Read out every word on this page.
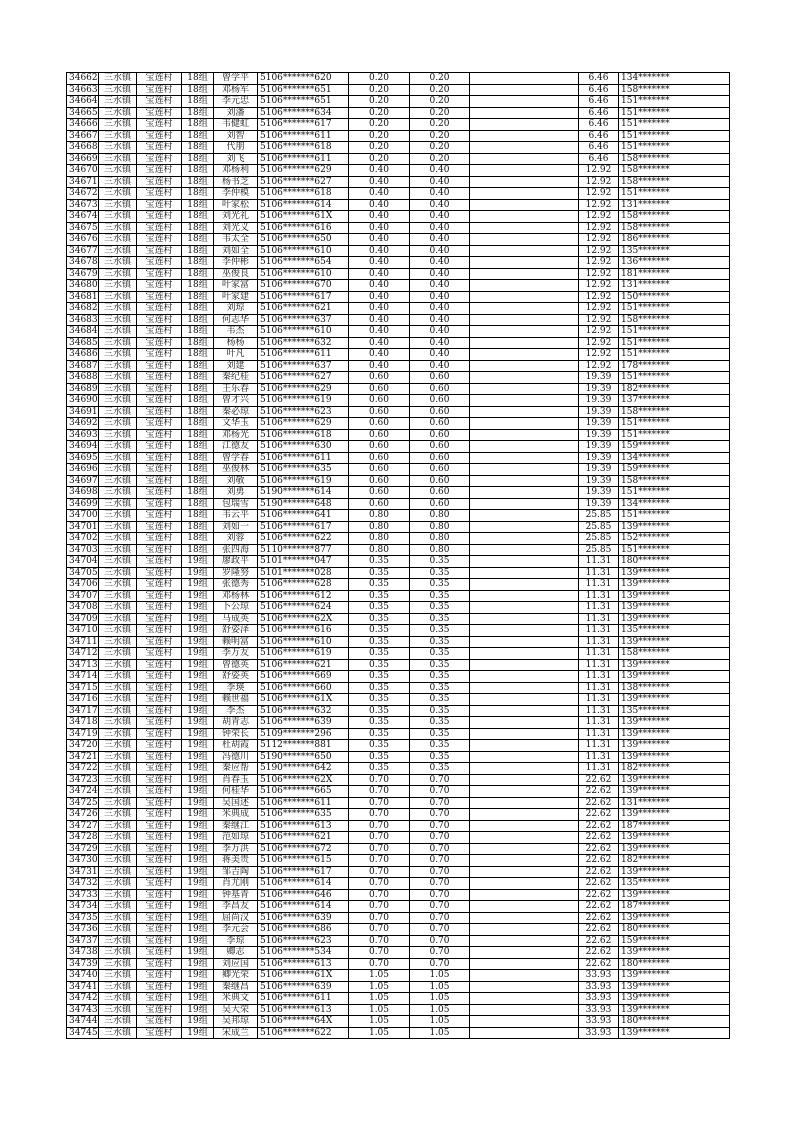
34662	三水镇	宝莲村	18组	曾学平	5106*******620	0.20	0.20		6.46	134*******
34663	三水镇	宝莲村	18组	邓杨军	5106*******651	0.20	0.20		6.46	158*******
34664	三水镇	宝莲村	18组	李元忠	5106*******651	0.20	0.20		6.46	151*******
34665	三水镇	宝莲村	18组	刘潘	5106*******634	0.20	0.20		6.46	151*******
34666	三水镇	宝莲村	18组	韦健虹	5106*******617	0.20	0.20		6.46	151*******
34667	三水镇	宝莲村	18组	刘智	5106*******611	0.20	0.20		6.46	151*******
34668	三水镇	宝莲村	18组	代朋	5106*******618	0.20	0.20		6.46	151*******
34669	三水镇	宝莲村	18组	刘飞	5106*******611	0.20	0.20		6.46	158*******
34670	三水镇	宝莲村	18组	邓杨利	5106*******629	0.40	0.40		12.92	158*******
34671	三水镇	宝莲村	18组	杨书芝	5106*******627	0.40	0.40		12.92	158*******
34672	三水镇	宝莲村	18组	李仲模	5106*******618	0.40	0.40		12.92	151*******
34673	三水镇	宝莲村	18组	叶家松	5106*******614	0.40	0.40		12.92	131*******
34674	三水镇	宝莲村	18组	刘光礼	5106*******61X	0.40	0.40		12.92	158*******
34675	三水镇	宝莲村	18组	刘光义	5106*******616	0.40	0.40		12.92	158*******
34676	三水镇	宝莲村	18组	韦太全	5106*******650	0.40	0.40		12.92	186*******
34677	三水镇	宝莲村	18组	刘如全	5106*******610	0.40	0.40		12.92	135*******
34678	三水镇	宝莲村	18组	李仲彬	5106*******654	0.40	0.40		12.92	136*******
34679	三水镇	宝莲村	18组	巫俊良	5106*******610	0.40	0.40		12.92	181*******
34680	三水镇	宝莲村	18组	叶家富	5106*******670	0.40	0.40		12.92	131*******
34681	三水镇	宝莲村	18组	叶家建	5106*******617	0.40	0.40		12.92	150*******
34682	三水镇	宝莲村	18组	刘琼	5106*******621	0.40	0.40		12.92	151*******
34683	三水镇	宝莲村	18组	何志华	5106*******637	0.40	0.40		12.92	158*******
34684	三水镇	宝莲村	18组	韦杰	5106*******610	0.40	0.40		12.92	151*******
34685	三水镇	宝莲村	18组	杨杨	5106*******632	0.40	0.40		12.92	151*******
34686	三水镇	宝莲村	18组	叶凡	5106*******611	0.40	0.40		12.92	151*******
34687	三水镇	宝莲村	18组	刘建	5106*******637	0.40	0.40		12.92	178*******
34688	三水镇	宝莲村	18组	秦纪桂	5106*******627	0.60	0.60		19.39	151*******
34689	三水镇	宝莲村	18组	王乐春	5106*******629	0.60	0.60		19.39	182*******
34690	三水镇	宝莲村	18组	曾才兴	5106*******619	0.60	0.60		19.39	137*******
34691	三水镇	宝莲村	18组	秦必琼	5106*******623	0.60	0.60		19.39	158*******
34692	三水镇	宝莲村	18组	文华玉	5106*******629	0.60	0.60		19.39	151*******
34693	三水镇	宝莲村	18组	邓杨光	5106*******618	0.60	0.60		19.39	151*******
34694	三水镇	宝莲村	18组	江德友	5106*******630	0.60	0.60		19.39	159*******
34695	三水镇	宝莲村	18组	曾学春	5106*******611	0.60	0.60		19.39	134*******
34696	三水镇	宝莲村	18组	巫俊林	5106*******635	0.60	0.60		19.39	159*******
34697	三水镇	宝莲村	18组	刘敬	5106*******619	0.60	0.60		19.39	158*******
34698	三水镇	宝莲村	18组	刘勇	5190*******614	0.60	0.60		19.39	151*******
34699	三水镇	宝莲村	18组	包瑞雪	5190*******648	0.60	0.60		19.39	134*******
34700	三水镇	宝莲村	18组	韦云平	5106*******641	0.80	0.80		25.85	151*******
34701	三水镇	宝莲村	18组	刘如一	5106*******617	0.80	0.80		25.85	139*******
34702	三水镇	宝莲村	18组	刘蓉	5106*******622	0.80	0.80		25.85	152*******
34703	三水镇	宝莲村	18组	张四海	5110*******877	0.80	0.80		25.85	151*******
34704	三水镇	宝莲村	19组	廖政平	5101*******047	0.35	0.35		11.31	180*******
34705	三水镇	宝莲村	19组	罗隆努	5101*******028	0.35	0.35		11.31	139*******
34706	三水镇	宝莲村	19组	张德秀	5106*******628	0.35	0.35		11.31	139*******
34707	三水镇	宝莲村	19组	邓杨林	5106*******612	0.35	0.35		11.31	139*******
34708	三水镇	宝莲村	19组	卜公琼	5106*******624	0.35	0.35		11.31	139*******
34709	三水镇	宝莲村	19组	马成英	5106*******62X	0.35	0.35		11.31	139*******
34710	三水镇	宝莲村	19组	舒姿泽	5106*******616	0.35	0.35		11.31	135*******
34711	三水镇	宝莲村	19组	赖明富	5106*******610	0.35	0.35		11.31	139*******
34712	三水镇	宝莲村	19组	李万友	5106*******619	0.35	0.35		11.31	158*******
34713	三水镇	宝莲村	19组	曾德英	5106*******621	0.35	0.35		11.31	139*******
34714	三水镇	宝莲村	19组	舒姿英	5106*******669	0.35	0.35		11.31	139*******
34715	三水镇	宝莲村	19组	李瑛	5106*******660	0.35	0.35		11.31	138*******
34716	三水镇	宝莲村	19组	赖世福	5106*******61X	0.35	0.35		11.31	139*******
34717	三水镇	宝莲村	19组	李杰	5106*******632	0.35	0.35		11.31	135*******
34718	三水镇	宝莲村	19组	胡青志	5106*******639	0.35	0.35		11.31	139*******
34719	三水镇	宝莲村	19组	钟荣长	5109*******296	0.35	0.35		11.31	139*******
34720	三水镇	宝莲村	19组	杜胡霞	5112*******881	0.35	0.35		11.31	139*******
34721	三水镇	宝莲村	19组	冯德川	5190*******650	0.35	0.35		11.31	139*******
34722	三水镇	宝莲村	19组	秦应帮	5190*******642	0.35	0.35		11.31	182*******
34723	三水镇	宝莲村	19组	肖春玉	5106*******62X	0.70	0.70		22.62	139*******
34724	三水镇	宝莲村	19组	何桂华	5106*******665	0.70	0.70		22.62	139*******
34725	三水镇	宝莲村	19组	吴国述	5106*******611	0.70	0.70		22.62	131*******
34726	三水镇	宝莲村	19组	米典成	5106*******635	0.70	0.70		22.62	139*******
34727	三水镇	宝莲村	19组	秦继江	5106*******613	0.70	0.70		22.62	187*******
34728	三水镇	宝莲村	19组	范如琼	5106*******621	0.70	0.70		22.62	139*******
34729	三水镇	宝莲村	19组	李万洪	5106*******672	0.70	0.70		22.62	139*******
34730	三水镇	宝莲村	19组	蒋美贵	5106*******615	0.70	0.70		22.62	182*******
34731	三水镇	宝莲村	19组	邹吉陶	5106*******617	0.70	0.70		22.62	139*******
34732	三水镇	宝莲村	19组	肖尤刚	5106*******614	0.70	0.70		22.62	135*******
34733	三水镇	宝莲村	19组	钟基青	5106*******646	0.70	0.70		22.62	139*******
34734	三水镇	宝莲村	19组	李昌友	5106*******614	0.70	0.70		22.62	187*******
34735	三水镇	宝莲村	19组	屈尚汉	5106*******639	0.70	0.70		22.62	139*******
34736	三水镇	宝莲村	19组	李元会	5106*******686	0.70	0.70		22.62	180*******
34737	三水镇	宝莲村	19组	李琼	5106*******623	0.70	0.70		22.62	159*******
34738	三水镇	宝莲村	19组	卿志	5106*******534	0.70	0.70		22.62	139*******
34739	三水镇	宝莲村	19组	刘应国	5106*******613	0.70	0.70		22.62	180*******
34740	三水镇	宝莲村	19组	卿光荣	5106*******61X	1.05	1.05		33.93	139*******
34741	三水镇	宝莲村	19组	秦继昌	5106*******639	1.05	1.05		33.93	139*******
34742	三水镇	宝莲村	19组	米典文	5106*******611	1.05	1.05		33.93	139*******
34743	三水镇	宝莲村	19组	吴大荣	5106*******613	1.05	1.05		33.93	139*******
34744	三水镇	宝莲村	19组	吴邦琼	5106*******64X	1.05	1.05		33.93	180*******
34745	三水镇	宝莲村	19组	宋成兰	5106*******622	1.05	1.05		33.93	139*******
